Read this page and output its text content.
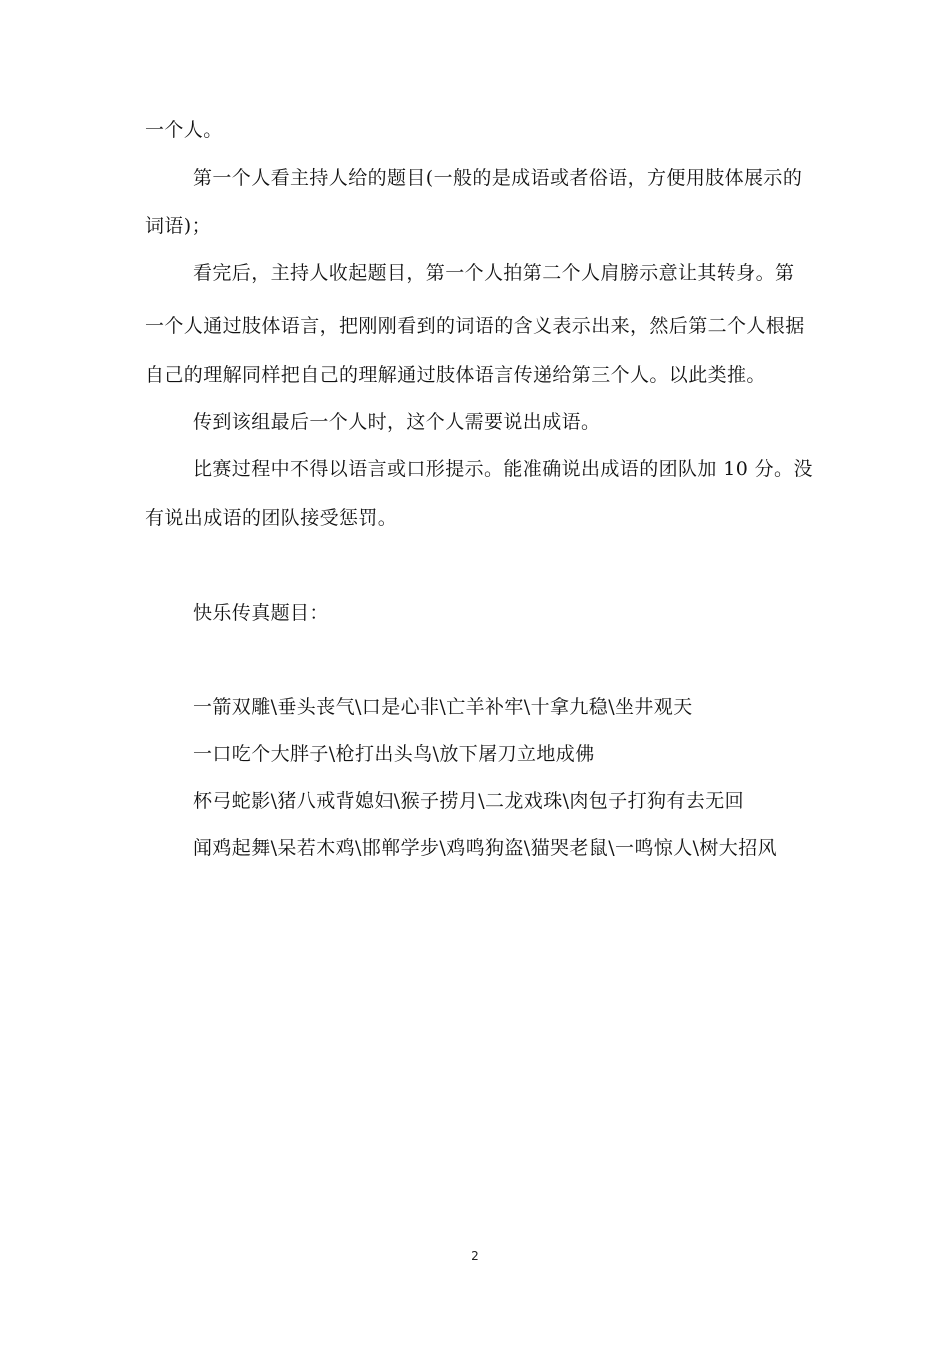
一个人。
第一个人看主持人给的题目(一般的是成语或者俗语，方便用肢体展示的
词语)；
看完后，主持人收起题目，第一个人拍第二个人肩膀示意让其转身。第
一个人通过肢体语言，把刚刚看到的词语的含义表示出来，然后第二个人根据
自己的理解同样把自己的理解通过肢体语言传递给第三个人。以此类推。
传到该组最后一个人时，这个人需要说出成语。
比赛过程中不得以语言或口形提示。能准确说出成语的团队加 10 分。没
有说出成语的团队接受惩罚。
快乐传真题目：
一箭双雕\垂头丧气\口是心非\亡羊补牢\十拿九稳\坐井观天
一口吃个大胖子\枪打出头鸟\放下屠刀立地成佛
杯弓蛇影\猪八戒背媳妇\猴子捞月\二龙戏珠\肉包子打狗有去无回
闻鸡起舞\呆若木鸡\邯郸学步\鸡鸣狗盗\猫哭老鼠\一鸣惊人\树大招风
2
